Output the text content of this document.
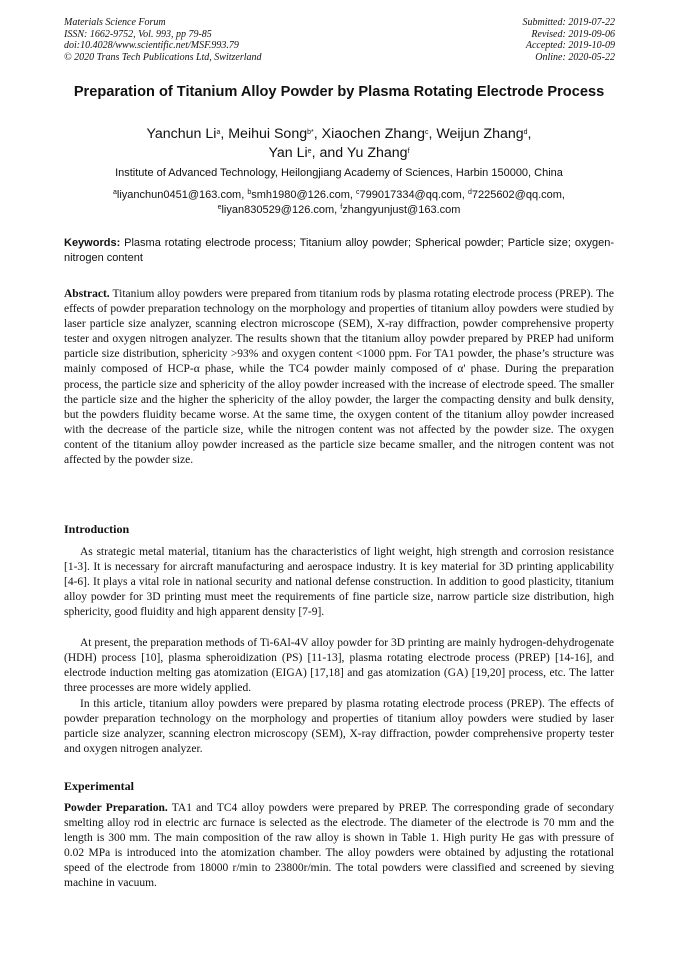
Materials Science Forum
ISSN: 1662-9752, Vol. 993, pp 79-85
doi:10.4028/www.scientific.net/MSF.993.79
© 2020 Trans Tech Publications Ltd, Switzerland
Submitted: 2019-07-22
Revised: 2019-09-06
Accepted: 2019-10-09
Online: 2020-05-22
Preparation of Titanium Alloy Powder by Plasma Rotating Electrode Process
Yanchun Li$^a$, Meihui Song$^{b*}$, Xiaochen Zhang$^c$, Weijun Zhang$^d$,
Yan Li$^e$, and Yu Zhang$^f$
Institute of Advanced Technology, Heilongjiang Academy of Sciences, Harbin 150000, China
$^a$liyanchun0451@163.com, $^b$smh1980@126.com, $^c$799017334@qq.com, $^d$7225602@qq.com,
$^e$liyan830529@126.com, $^f$zhangyunjust@163.com
Keywords: Plasma rotating electrode process; Titanium alloy powder; Spherical powder; Particle size; oxygen-nitrogen content
Abstract. Titanium alloy powders were prepared from titanium rods by plasma rotating electrode process (PREP). The effects of powder preparation technology on the morphology and properties of titanium alloy powders were studied by laser particle size analyzer, scanning electron microscope (SEM), X-ray diffraction, powder comprehensive property tester and oxygen nitrogen analyzer. The results shown that the titanium alloy powder prepared by PREP had uniform particle size distribution, sphericity >93% and oxygen content <1000 ppm. For TA1 powder, the phase’s structure was mainly composed of HCP-α phase, while the TC4 powder mainly composed of α' phase. During the preparation process, the particle size and sphericity of the alloy powder increased with the increase of electrode speed. The smaller the particle size and the higher the sphericity of the alloy powder, the larger the compacting density and bulk density, but the powders fluidity became worse. At the same time, the oxygen content of the titanium alloy powder increased with the decrease of the particle size, while the nitrogen content was not affected by the powder size. The oxygen content of the titanium alloy powder increased as the particle size became smaller, and the nitrogen content was not affected by the powder size.
Introduction
As strategic metal material, titanium has the characteristics of light weight, high strength and corrosion resistance [1-3]. It is necessary for aircraft manufacturing and aerospace industry. It is key material for 3D printing applicability [4-6]. It plays a vital role in national security and national defense construction. In addition to good plasticity, titanium alloy powder for 3D printing must meet the requirements of fine particle size, narrow particle size distribution, high sphericity, good fluidity and high apparent density [7-9].
At present, the preparation methods of Ti-6Al-4V alloy powder for 3D printing are mainly hydrogen-dehydrogenate (HDH) process [10], plasma spheroidization (PS) [11-13], plasma rotating electrode process (PREP) [14-16], and electrode induction melting gas atomization (EIGA) [17,18] and gas atomization (GA) [19,20] process, etc. The latter three processes are more widely applied.
In this article, titanium alloy powders were prepared by plasma rotating electrode process (PREP). The effects of powder preparation technology on the morphology and properties of titanium alloy powders were studied by laser particle size analyzer, scanning electron microscopy (SEM), X-ray diffraction, powder comprehensive property tester and oxygen nitrogen analyzer.
Experimental
Powder Preparation. TA1 and TC4 alloy powders were prepared by PREP. The corresponding grade of secondary smelting alloy rod in electric arc furnace is selected as the electrode. The diameter of the electrode is 70 mm and the length is 300 mm. The main composition of the raw alloy is shown in Table 1. High purity He gas with pressure of 0.02 MPa is introduced into the atomization chamber. The alloy powders were obtained by adjusting the rotational speed of the electrode from 18000 r/min to 23800r/min. The total powders were classified and screened by sieving machine in vacuum.
